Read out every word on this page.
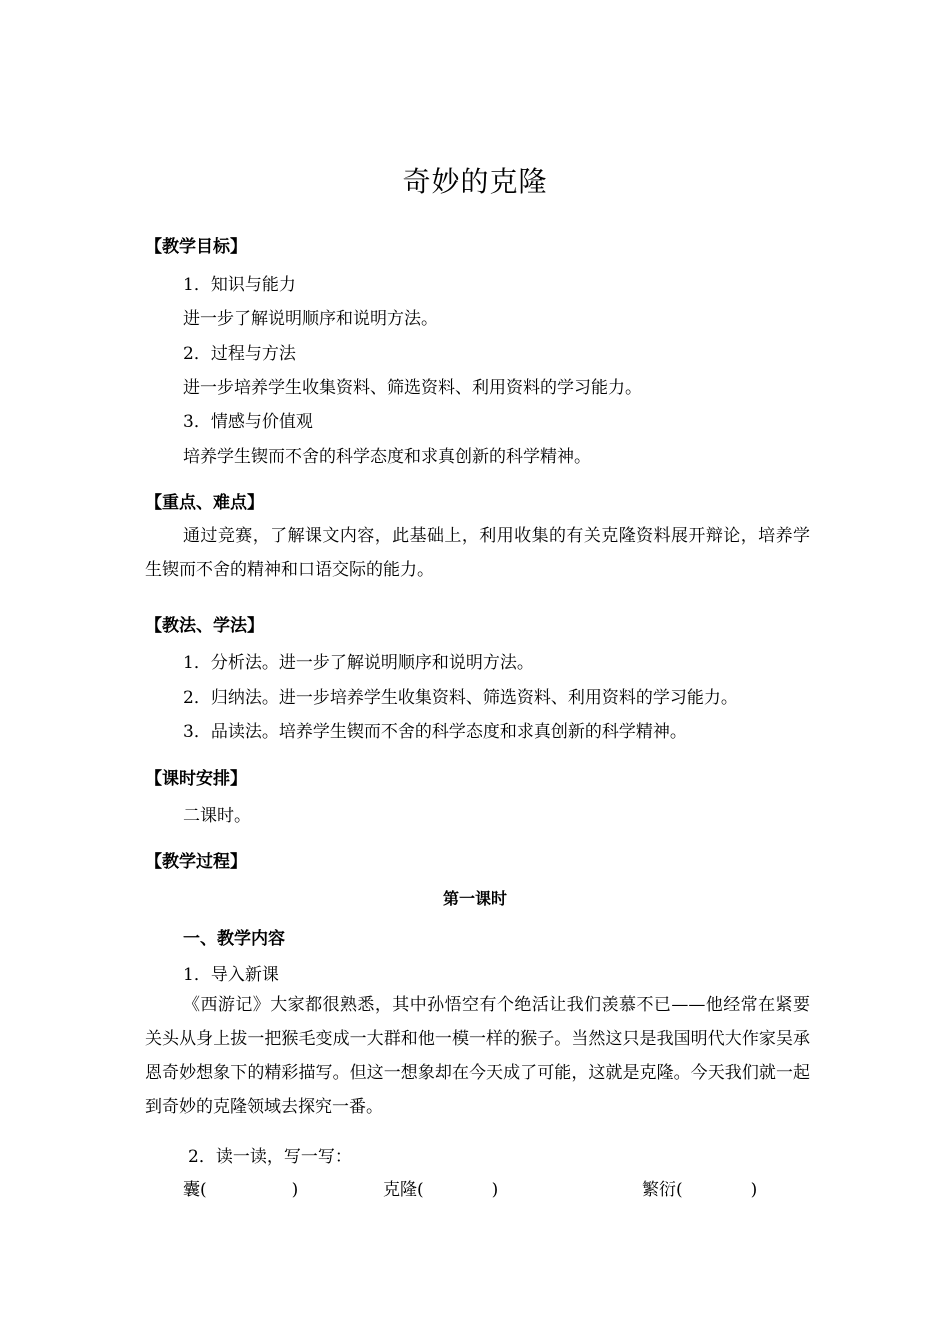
奇妙的克隆
【教学目标】
1．知识与能力
进一步了解说明顺序和说明方法。
2．过程与方法
进一步培养学生收集资料、筛选资料、利用资料的学习能力。
3．情感与价值观
培养学生锲而不舍的科学态度和求真创新的科学精神。
【重点、难点】

通过竞赛，了解课文内容，此基础上，利用收集的有关克隆资料展开辩论，培养学生锲而不舍的精神和口语交际的能力。

【教法、学法】
1．分析法。进一步了解说明顺序和说明方法。
2．归纳法。进一步培养学生收集资料、筛选资料、利用资料的学习能力。
3．品读法。培养学生锲而不舍的科学态度和求真创新的科学精神。
【课时安排】
二课时。
【教学过程】
第一课时
一、教学内容
1．导入新课

《西游记》大家都很熟悉，其中孙悟空有个绝活让我们羡慕不已——他经常在紧要关头从身上拔一把猴毛变成一大群和他一模一样的猴子。当然这只是我国明代大作家吴承恩奇妙想象下的精彩描写。但这一想象却在今天成了可能，这就是克隆。今天我们就一起到奇妙的克隆领域去探究一番。

2．读一读，写一写：
囊(　　　　　)	克隆(　　　　)	繁衍(　　　　)
